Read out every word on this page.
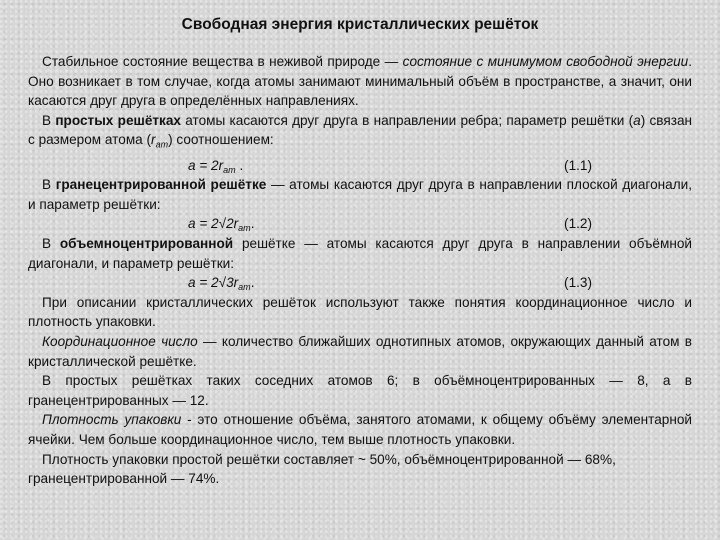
Свободная энергия кристаллических решёток

Стабильное состояние вещества в неживой природе — состояние с минимумом свободной энергии. Оно возникает в том случае, когда атомы занимают минимальный объём в пространстве, а значит, они касаются друг друга в определённых направлениях.

В простых решётках атомы касаются друг друга в направлении ребра; параметр решётки (а) связан с размером атома $(r_{ат})$ соотношением:

$а = 2r_{ат}$ .	(1.1)

В гранецентрированной решётке — атомы касаются друг друга в направлении плоской диагонали, и параметр решётки:

$а = 2√2r_{ат}$.	(1.2)

В объемноцентрированной решётке — атомы касаются друг друга в направлении объёмной диагонали, и параметр решётки:

$а = 2√3r_{ат}$.	(1.3)

При описании кристаллических решёток используют также понятия координационное число и плотность упаковки.

Координационное число — количество ближайших однотипных атомов, окружающих данный атом в кристаллической решётке.

В простых решётках таких соседних атомов 6; в объёмноцентрированных — 8, а в гранецентрированных — 12.

Плотность упаковки - это отношение объёма, занятого атомами, к общему объёму элементарной ячейки. Чем больше координационное число, тем выше плотность упаковки.

Плотность упаковки простой решётки составляет ~ 50%, объёмноцентрированной — 68%, гранецентрированной — 74%.
